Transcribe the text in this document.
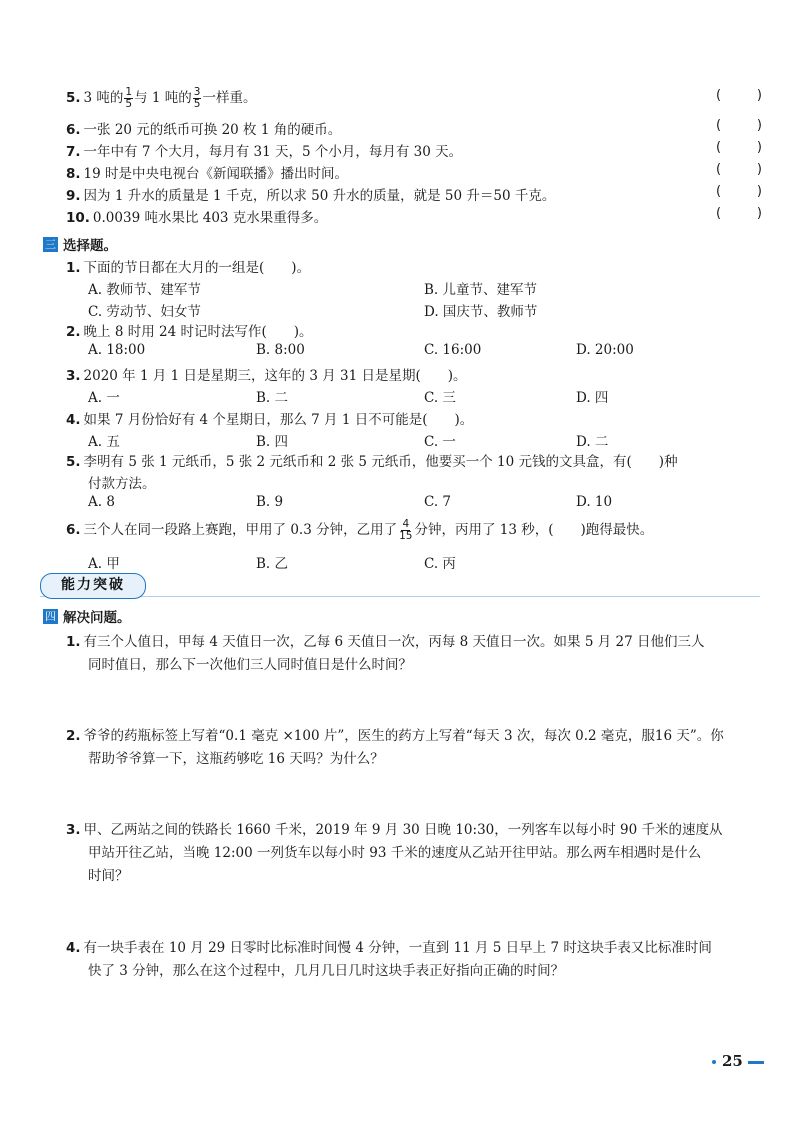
5. 3 吨的 $\frac{1}{5}$ 与 1 吨的 $\frac{3}{5}$ 一样重。	(	)
6. 一张 20 元的纸币可换 20 枚 1 角的硬币。	(	)
7. 一年中有 7 个大月，每月有 31 天，5 个小月，每月有 30 天。	(	)
8. 19 时是中央电视台《新闻联播》播出时间。	(	)
9. 因为 1 升水的质量是 1 千克，所以求 50 升水的质量，就是 50 升＝50 千克。	(	)
10. 0.0039 吨水果比 403 克水果重得多。	(	)
三 选择题。
1. 下面的节日都在大月的一组是(　　)。
A. 教师节、建军节	B. 儿童节、建军节
C. 劳动节、妇女节	D. 国庆节、教师节
2. 晚上 8 时用 24 时记时法写作(　　)。
A. 18:00	B. 8:00	C. 16:00	D. 20:00
3. 2020 年 1 月 1 日是星期三，这年的 3 月 31 日是星期(　　)。
A. 一	B. 二	C. 三	D. 四
4. 如果 7 月份恰好有 4 个星期日，那么 7 月 1 日不可能是(　　)。
A. 五	B. 四	C. 一	D. 二
5. 李明有 5 张 1 元纸币，5 张 2 元纸币和 2 张 5 元纸币，他要买一个 10 元钱的文具盒，有(　　)种
付款方法。
A. 8	B. 9	C. 7	D. 10
6. 三个人在同一段路上赛跑，甲用了 0.3 分钟，乙用了 $\frac{4}{15}$ 分钟，丙用了 13 秒，(　　)跑得最快。
A. 甲	B. 乙	C. 丙
能力突破
四 解决问题。
1. 有三个人值日，甲每 4 天值日一次，乙每 6 天值日一次，丙每 8 天值日一次。如果 5 月 27 日他们三人
同时值日，那么下一次他们三人同时值日是什么时间？
2. 爷爷的药瓶标签上写着“0.1 毫克 ×100 片”，医生的药方上写着“每天 3 次，每次 0.2 毫克，服16 天”。你
帮助爷爷算一下，这瓶药够吃 16 天吗？为什么？
3. 甲、乙两站之间的铁路长 1660 千米，2019 年 9 月 30 日晚 10:30，一列客车以每小时 90 千米的速度从
甲站开往乙站，当晚 12:00 一列货车以每小时 93 千米的速度从乙站开往甲站。那么两车相遇时是什么
时间？
4. 有一块手表在 10 月 29 日零时比标准时间慢 4 分钟，一直到 11 月 5 日早上 7 时这块手表又比标准时间
快了 3 分钟，那么在这个过程中，几月几日几时这块手表正好指向正确的时间？
25
